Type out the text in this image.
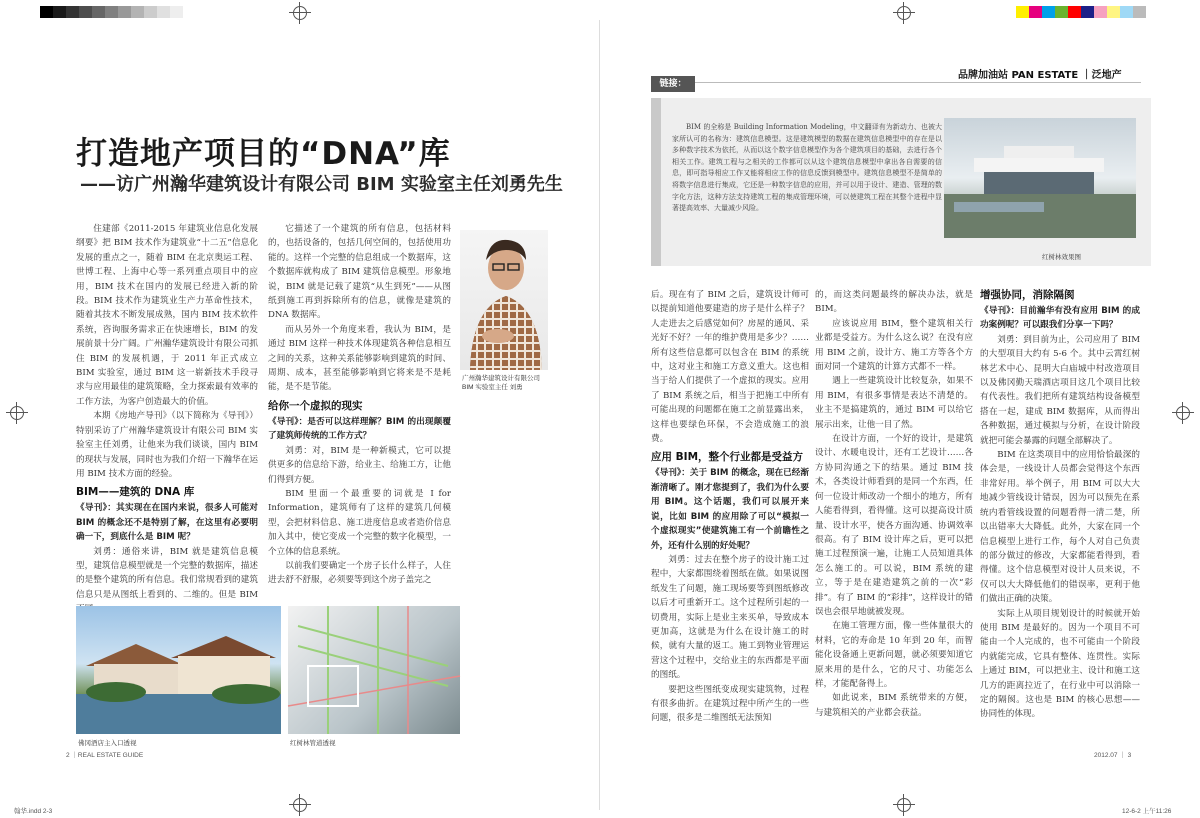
打造地产项目的“DNA”库
——访广州瀚华建筑设计有限公司 BIM 实验室主任刘勇先生

住建部《2011-2015 年建筑业信息化发展纲要》把 BIM 技术作为建筑业“十二五”信息化发展的重点之一，随着 BIM 在北京奥运工程、世博工程、上海中心等一系列重点项目中的应用，BIM 技术在国内的发展已经进入新的阶段。BIM 技术作为建筑业生产力革命性技术，随着其技术不断发展成熟，国内 BIM 技术软件系统，咨询服务需求正在快速增长，BIM 的发展前景十分广阔。广州瀚华建筑设计有限公司抓住 BIM 的发展机遇，于 2011 年正式成立 BIM 实验室，通过 BIM 这一崭新技术手段寻求与应用最佳的建筑策略，全力探索最有效率的工作方法，为客户创造最大的价值。

本期《房地产导刊》（以下简称为《导刊》）特别采访了广州瀚华建筑设计有限公司 BIM 实验室主任刘勇，让他来为我们谈谈，国内 BIM 的现状与发展，同时也为我们介绍一下瀚华在运用 BIM 技术方面的经验。

BIM——建筑的 DNA 库

《导刊》：其实现在在国内来说，很多人可能对 BIM 的概念还不是特别了解，在这里有必要明确一下，到底什么是 BIM 呢？

刘勇：通俗来讲，BIM 就是建筑信息模型，建筑信息模型就是一个完整的数据库，描述的是整个建筑的所有信息。我们常规看到的建筑信息只是从图纸上看到的、二维的。但是 BIM

它描述了一个建筑的所有信息，包括材料的，也括设备的，包括几何空间的，包括使用功能的。这样一个完整的信息组成一个数据库，这个数据库就构成了 BIM 建筑信息模型。形象地说，BIM 就是记载了建筑“从生到死”——从图纸到施工再到拆除所有的信息，就像是建筑的 DNA 数据库。

而从另外一个角度来看，我认为 BIM，是通过 BIM 这样一种技术体现建筑各种信息相互之间的关系，这种关系能够影响到建筑的时间、周期、成本，甚至能够影响到它将来是不是耗能，是不是节能。

给你一个虚拟的现实

《导刊》：是否可以这样理解？BIM 的出现颠覆了建筑师传统的工作方式？

刘勇：对，BIM 是一种新模式，它可以提供更多的信息给下游，给业主、给施工方，让他们得到方便。

BIM 里面一个最重要的词就是 I for Information，建筑师有了这样的建筑几何模型，会把材料信息、施工进度信息或者造价信息加入其中，使它变成一个完整的数字化模型，一个立体的信息系统。

以前我们要确定一个房子长什么样子，人住进去舒不舒服，必须要等到这个房子盖完之

广州瀚华建筑设计有限公司 BIM 实验室主任 刘勇
佛冈酒店主入口透视	红树林管道透视
2 ｜REAL ESTATE GUIDE
翰华.indd 2-3
品牌加油站 PAN ESTATE ｜泛地产
链接：

BIM 的全称是 Building Information Modeling，中文翻译有为新动力、也被大家所认可的名称为：建筑信息模型。这是建筑模型的数据在建筑信息模型中的存在是以多种数字技术为依托，从而以这个数字信息模型作为各个建筑项目的基础，去进行各个相关工作。建筑工程与之相关的工作都可以从这个建筑信息模型中拿出各自需要的信息，即可指导相应工作又能将相应工作的信息反馈到模型中。建筑信息模型不是简单的将数字信息进行集成，它还是一种数字信息的应用，并可以用于设计、建造、管理的数字化方法，这种方法支持建筑工程的集成管理环境，可以使建筑工程在其整个进程中显著提高效率、大量减少风险。

红树林效果图

后。现在有了 BIM 之后，建筑设计师可以提前知道他要建造的房子是什么样子？人走进去之后感觉如何？房屋的通风、采光好不好？一年的维护费用是多少？……所有这些信息都可以包含在 BIM 的系统中，这对业主和施工方意义重大。这也相当于给人们提供了一个虚拟的现实。应用了 BIM 系统之后，相当于把施工中所有可能出现的问题都在施工之前显露出来，这样也要绿色环保，不会造成施工的浪费。

应用 BIM，整个行业都是受益方

《导刊》：关于 BIM 的概念，现在已经渐渐清晰了。刚才您提到了，我们为什么要用 BIM。这个话题，我们可以展开来说，比如 BIM 的应用除了可以“模拟一个虚拟现实”使建筑施工有一个前瞻性之外，还有什么别的好处呢？

刘勇：过去在整个房子的设计施工过程中，大家都围绕着图纸在做。如果说图纸发生了问题，施工现场要等到图纸修改以后才可重新开工。这个过程所引起的一切费用，实际上是业主来买单，导致成本更加高，这就是为什么在设计施工的时候，就有大量的返工。施工到物业管理运营这个过程中，交给业主的东西都是平面的图纸。

要把这些图纸变成现实建筑物，过程有很多曲折。在建筑过程中所产生的一些问题，很多是二维图纸无法预知

的，而这类问题最终的解决办法，就是 BIM。

应该说应用 BIM，整个建筑相关行业都是受益方。为什么这么说？在没有应用 BIM 之前，设计方、施工方等各个方面对同一个建筑的计算方式都不一样。

遇上一些建筑设计比较复杂，如果不用 BIM，有很多事情是表达不清楚的。业主不是搞建筑的，通过 BIM 可以给它展示出来，让他一目了然。

在设计方面，一个好的设计，是建筑设计、水暖电设计，还有工艺设计……各方协同沟通之下的结果。通过 BIM 技术，各类设计师看到的是同一个东西，任何一位设计师改动一个细小的地方，所有人能看得到，看得懂。这可以提高设计质量、设计水平，使各方面沟通、协调效率很高。有了 BIM 设计库之后，更可以把施工过程预演一遍，让施工人员知道具体怎么施工的。可以说，BIM 系统的建立，等于是在建造建筑之前的一次“彩排”。有了 BIM 的“彩排”，这样设计的错误也会很早地就被发现。

在施工管理方面，像一些体量很大的材料，它的寿命是 10 年到 20 年，而智能化设备通上更新问题，就必须要知道它原来用的是什么，它的尺寸、功能怎么样，才能配备得上。

如此说来，BIM 系统带来的方便，与建筑相关的产业都会获益。

增强协同，消除隔阂

《导刊》：目前瀚华有没有应用 BIM 的成功案例呢？可以跟我们分享一下吗？

刘勇：到目前为止，公司应用了 BIM 的大型项目大约有 5-6 个。其中云霄红树林艺术中心、昆明大白庙城中村改造项目以及佛冈勤天瑞酒店项目这几个项目比较有代表性。我们把所有建筑结构设备模型搭在一起，建成 BIM 数据库，从而得出各种数据，通过模拟与分析，在设计阶段就把可能会暴露的问题全部解决了。

BIM 在这类项目中的应用恰恰最深的体会是，一线设计人员都会觉得这个东西非常好用。举个例子，用 BIM 可以大大地减少管线设计错误，因为可以预先在系统内看管线设置的问题看得一清二楚，所以出错率大大降低。此外，大家在同一个信息模型上进行工作，每个人对自己负责的部分做过的修改，大家都能看得到，看得懂。这个信息模型对设计人员来说，不仅可以大大降低他们的错误率，更利于他们做出正确的决策。

实际上从项目规划设计的时候就开始使用 BIM 是最好的。因为一个项目不可能由一个人完成的，也不可能由一个阶段内就能完成，它具有整体、连贯性。实际上通过 BIM，可以把业主、设计和施工这几方的距离拉近了，在行业中可以消除一定的隔阂。这也是 BIM 的核心思想——协同性的体现。

2012.07 ｜ 3
12-6-2 上午11:26
